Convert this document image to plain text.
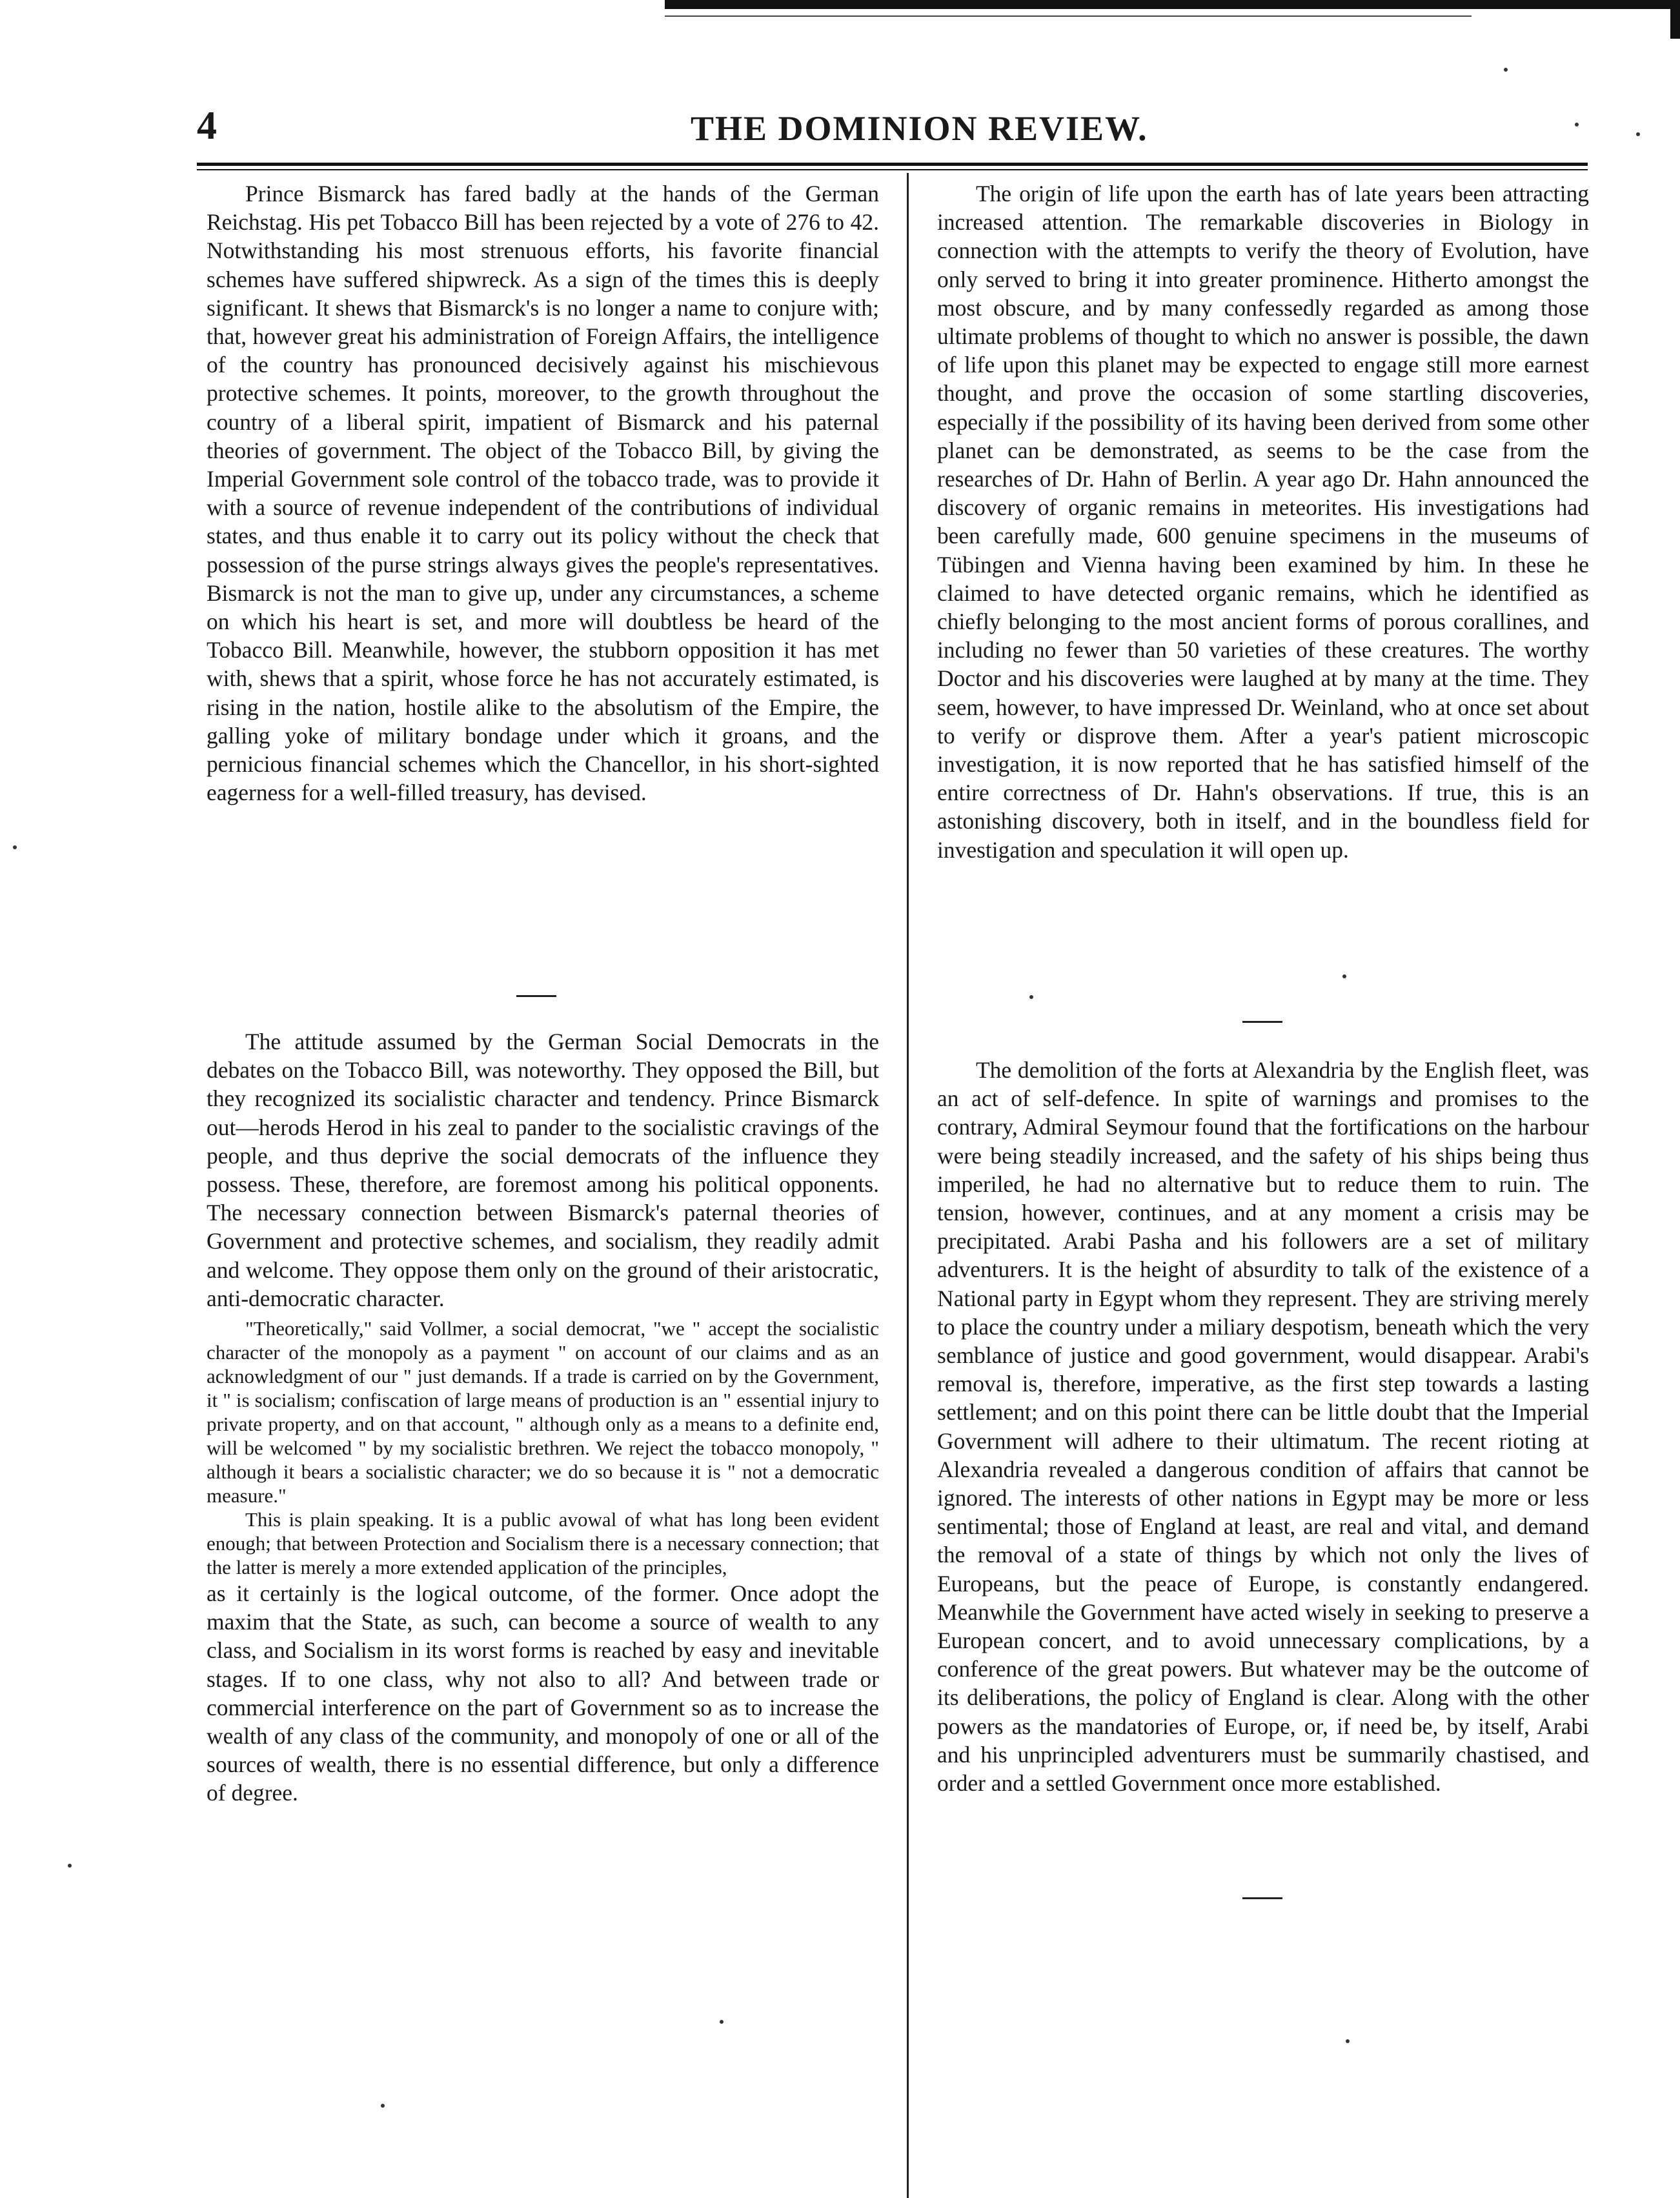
4	THE DOMINION REVIEW.

Prince Bismarck has fared badly at the hands of the German Reichstag. His pet Tobacco Bill has been rejected by a vote of 276 to 42. Notwithstanding his most strenuous efforts, his favorite financial schemes have suffered shipwreck. As a sign of the times this is deeply significant. It shews that Bismarck's is no longer a name to conjure with; that, however great his administration of Foreign Affairs, the intelligence of the country has pronounced decisively against his mischievous protective schemes. It points, moreover, to the growth throughout the country of a liberal spirit, impatient of Bismarck and his paternal theories of government. The object of the Tobacco Bill, by giving the Imperial Government sole control of the tobacco trade, was to provide it with a source of revenue independent of the contributions of individual states, and thus enable it to carry out its policy without the check that possession of the purse strings always gives the people's representatives. Bismarck is not the man to give up, under any circumstances, a scheme on which his heart is set, and more will doubtless be heard of the Tobacco Bill. Meanwhile, however, the stubborn opposition it has met with, shews that a spirit, whose force he has not accurately estimated, is rising in the nation, hostile alike to the absolutism of the Empire, the galling yoke of military bondage under which it groans, and the pernicious financial schemes which the Chancellor, in his short-sighted eagerness for a well-filled treasury, has devised.

The attitude assumed by the German Social Democrats in the debates on the Tobacco Bill, was noteworthy. They opposed the Bill, but they recognized its socialistic character and tendency. Prince Bismarck out—herods Herod in his zeal to pander to the socialistic cravings of the people, and thus deprive the social democrats of the influence they possess. These, therefore, are foremost among his political opponents. The necessary connection between Bismarck's paternal theories of Government and protective schemes, and socialism, they readily admit and welcome. They oppose them only on the ground of their aristocratic, anti-democratic character.

"Theoretically," said Vollmer, a social democrat, "we " accept the socialistic character of the monopoly as a payment " on account of our claims and as an acknowledgment of our " just demands. If a trade is carried on by the Government, it " is socialism; confiscation of large means of production is an " essential injury to private property, and on that account, " although only as a means to a definite end, will be welcomed " by my socialistic brethren. We reject the tobacco monopoly, " although it bears a socialistic character; we do so because it is " not a democratic measure."

This is plain speaking. It is a public avowal of what has long been evident enough; that between Protection and Socialism there is a necessary connection; that the latter is merely a more extended application of the principles,

as it certainly is the logical outcome, of the former. Once adopt the maxim that the State, as such, can become a source of wealth to any class, and Socialism in its worst forms is reached by easy and inevitable stages. If to one class, why not also to all? And between trade or commercial interference on the part of Government so as to increase the wealth of any class of the community, and monopoly of one or all of the sources of wealth, there is no essential difference, but only a difference of degree.

The origin of life upon the earth has of late years been attracting increased attention. The remarkable discoveries in Biology in connection with the attempts to verify the theory of Evolution, have only served to bring it into greater prominence. Hitherto amongst the most obscure, and by many confessedly regarded as among those ultimate problems of thought to which no answer is possible, the dawn of life upon this planet may be expected to engage still more earnest thought, and prove the occasion of some startling discoveries, especially if the possibility of its having been derived from some other planet can be demonstrated, as seems to be the case from the researches of Dr. Hahn of Berlin. A year ago Dr. Hahn announced the discovery of organic remains in meteorites. His investigations had been carefully made, 600 genuine specimens in the museums of Tübingen and Vienna having been examined by him. In these he claimed to have detected organic remains, which he identified as chiefly belonging to the most ancient forms of porous corallines, and including no fewer than 50 varieties of these creatures. The worthy Doctor and his discoveries were laughed at by many at the time. They seem, however, to have impressed Dr. Weinland, who at once set about to verify or disprove them. After a year's patient microscopic investigation, it is now reported that he has satisfied himself of the entire correctness of Dr. Hahn's observations. If true, this is an astonishing discovery, both in itself, and in the boundless field for investigation and speculation it will open up.

The demolition of the forts at Alexandria by the English fleet, was an act of self-defence. In spite of warnings and promises to the contrary, Admiral Seymour found that the fortifications on the harbour were being steadily increased, and the safety of his ships being thus imperiled, he had no alternative but to reduce them to ruin. The tension, however, continues, and at any moment a crisis may be precipitated. Arabi Pasha and his followers are a set of military adventurers. It is the height of absurdity to talk of the existence of a National party in Egypt whom they represent. They are striving merely to place the country under a miliary despotism, beneath which the very semblance of justice and good government, would disappear. Arabi's removal is, therefore, imperative, as the first step towards a lasting settlement; and on this point there can be little doubt that the Imperial Government will adhere to their ultimatum. The recent rioting at Alexandria revealed a dangerous condition of affairs that cannot be ignored. The interests of other nations in Egypt may be more or less sentimental; those of England at least, are real and vital, and demand the removal of a state of things by which not only the lives of Europeans, but the peace of Europe, is constantly endangered. Meanwhile the Government have acted wisely in seeking to preserve a European concert, and to avoid unnecessary complications, by a conference of the great powers. But whatever may be the outcome of its deliberations, the policy of England is clear. Along with the other powers as the mandatories of Europe, or, if need be, by itself, Arabi and his unprincipled adventurers must be summarily chastised, and order and a settled Government once more established.
